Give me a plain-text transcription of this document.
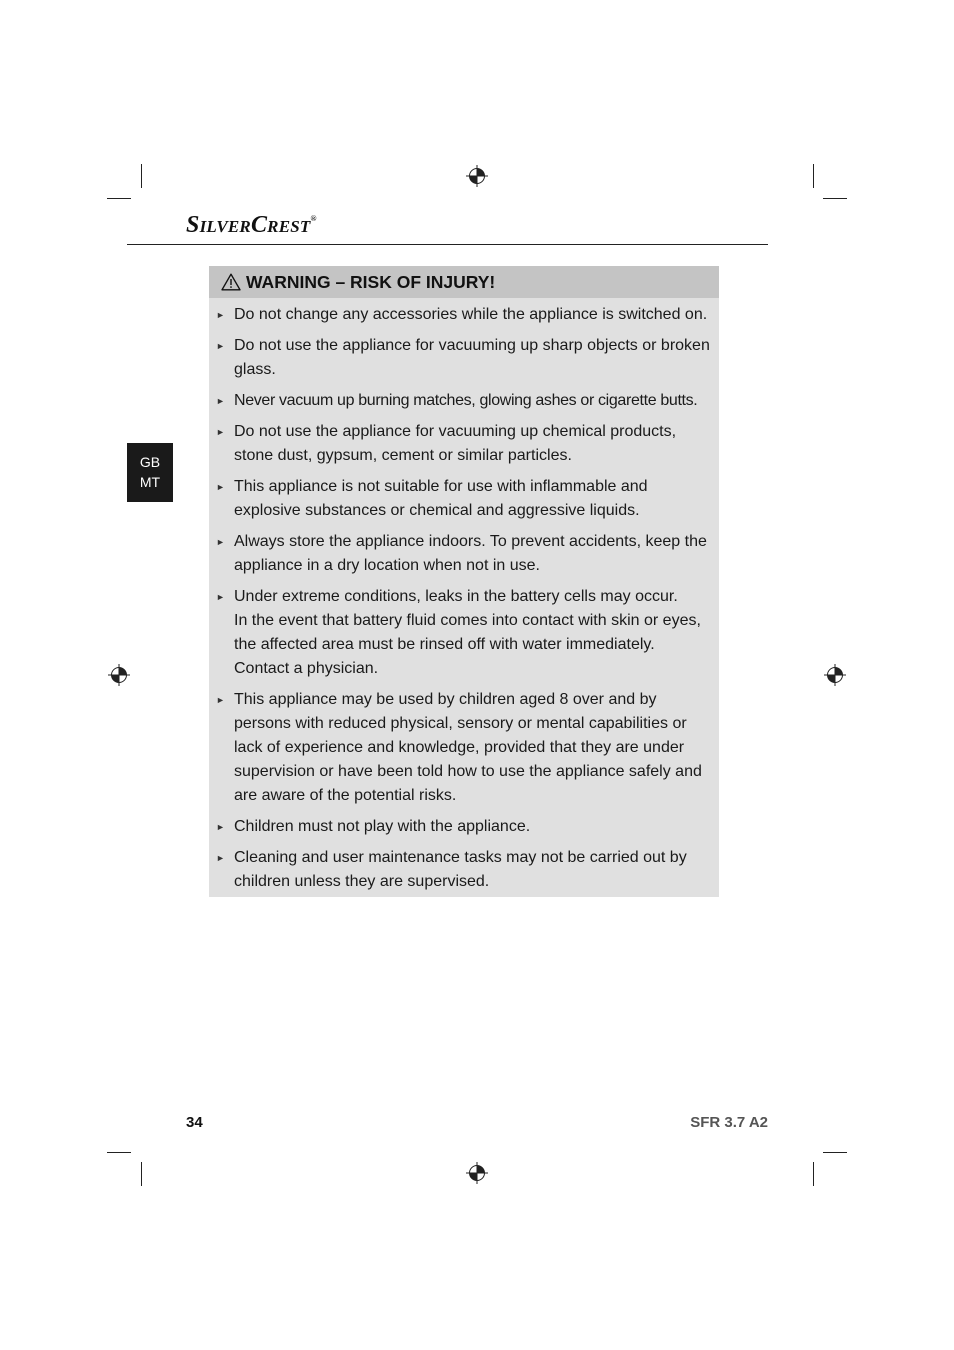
SILVERCREST®
GB
MT
WARNING – RISK OF INJURY!
► Do not change any accessories while the appliance is switched on.
► Do not use the appliance for vacuuming up sharp objects or broken glass.
► Never vacuum up burning matches, glowing ashes or cigarette butts.
► Do not use the appliance for vacuuming up chemical products, stone dust, gypsum, cement or similar particles.
► This appliance is not suitable for use with inflammable and explosive substances or chemical and aggressive liquids.
► Always store the appliance indoors. To prevent accidents, keep the appliance in a dry location when not in use.
► Under extreme conditions, leaks in the battery cells may occur.
In the event that battery fluid comes into contact with skin or eyes, the affected area must be rinsed off with water immediately. Contact a physician.
► This appliance may be used by children aged 8 over and by persons with reduced physical, sensory or mental capabilities or lack of experience and knowledge, provided that they are under supervision or have been told how to use the appliance safely and are aware of the potential risks.
► Children must not play with the appliance.
► Cleaning and user maintenance tasks may not be carried out by children unless they are supervised.
34	SFR 3.7 A2
